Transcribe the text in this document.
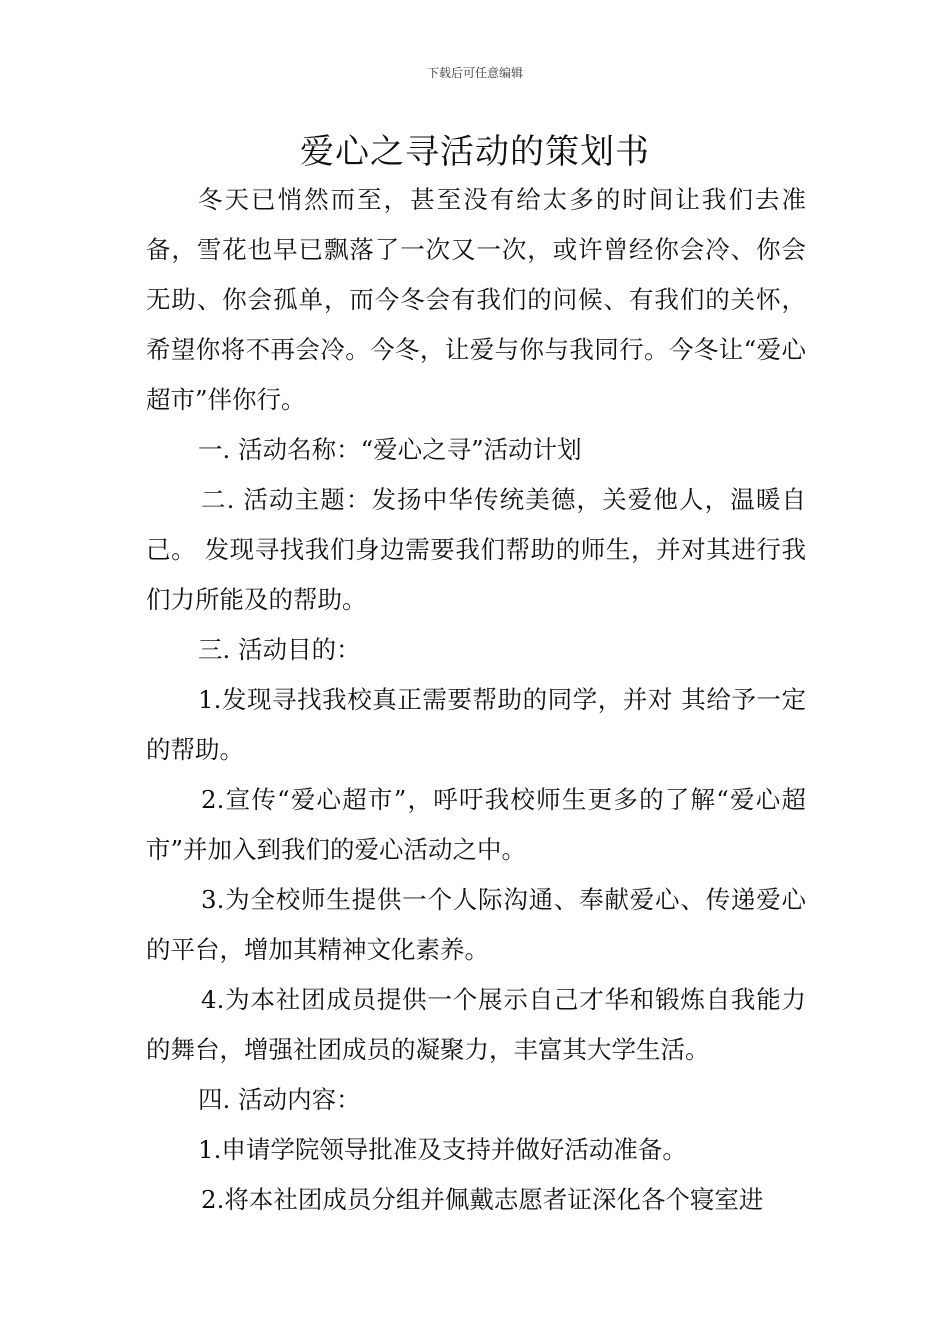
下载后可任意编辑
爱心之寻活动的策划书

冬天已悄然而至，甚至没有给太多的时间让我们去准备，雪花也早已飘落了一次又一次，或许曾经你会冷、你会无助、你会孤单，而今冬会有我们的问候、有我们的关怀，希望你将不再会冷。今冬，让爱与你与我同行。今冬让“爱心超市”伴你行。

一. 活动名称：“爱心之寻”活动计划

二. 活动主题：发扬中华传统美德，关爱他人，温暖自己。 发现寻找我们身边需要我们帮助的师生，并对其进行我们力所能及的帮助。

三. 活动目的：

1.发现寻找我校真正需要帮助的同学，并对 其给予一定的帮助。

2.宣传“爱心超市”，呼吁我校师生更多的了解“爱心超市”并加入到我们的爱心活动之中。

3.为全校师生提供一个人际沟通、奉献爱心、传递爱心的平台，增加其精神文化素养。

4.为本社团成员提供一个展示自己才华和锻炼自我能力的舞台，增强社团成员的凝聚力，丰富其大学生活。

四. 活动内容：

1.申请学院领导批准及支持并做好活动准备。

2.将本社团成员分组并佩戴志愿者证深化各个寝室进
